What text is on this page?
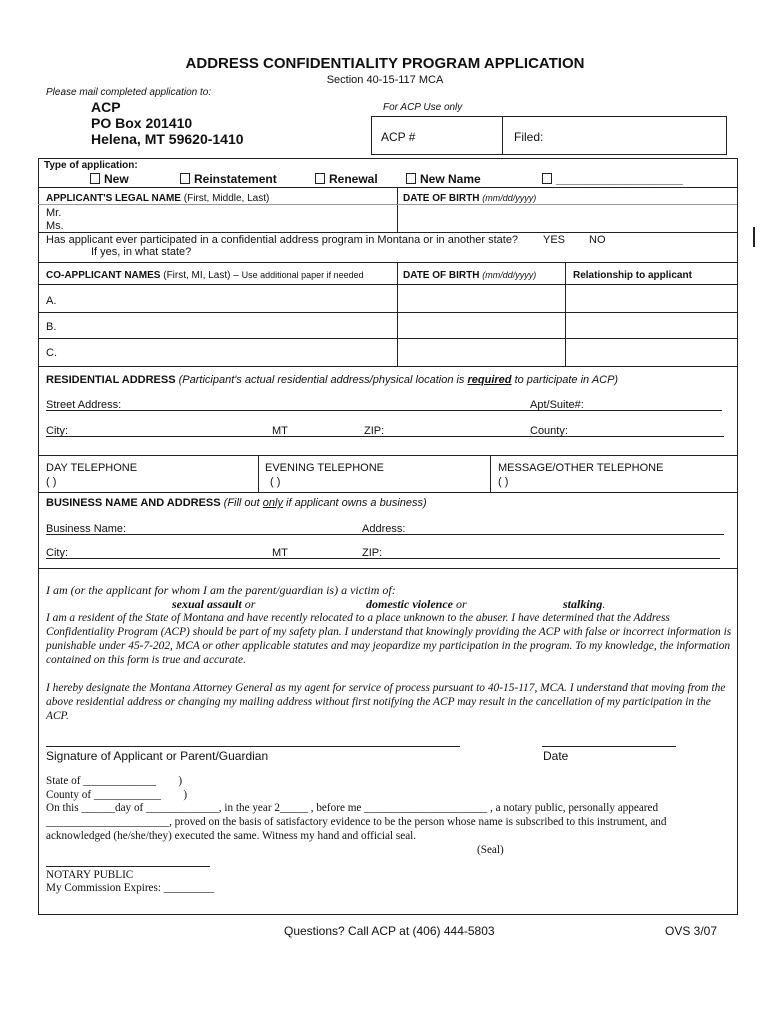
ADDRESS CONFIDENTIALITY PROGRAM APPLICATION
Section 40-15-117 MCA
Please mail completed application to:
ACP
PO Box 201410
Helena, MT 59620-1410
For ACP Use only
ACP #	Filed:
Type of application:
New	Reinstatement	Renewal	New Name	___________________
APPLICANT'S LEGAL NAME (First, Middle, Last)	DATE OF BIRTH (mm/dd/yyyy)
Mr.
Ms.
Has applicant ever participated in a confidential address program in Montana or in another state? YES NO
If yes, in what state?
CO-APPLICANT NAMES (First, MI, Last) – Use additional paper if needed	DATE OF BIRTH (mm/dd/yyyy)	Relationship to applicant
A.
B.
C.
RESIDENTIAL ADDRESS (Participant's actual residential address/physical location is required to participate in ACP)
Street Address:	Apt/Suite#:
City:	MT	ZIP:	County:
DAY TELEPHONE	EVENING TELEPHONE	MESSAGE/OTHER TELEPHONE
( )	( )	( )
BUSINESS NAME AND ADDRESS (Fill out only if applicant owns a business)
Business Name:	Address:
City:	MT	ZIP:
I am (or the applicant for whom I am the parent/guardian is) a victim of:
sexual assault or	domestic violence or	stalking.
I am a resident of the State of Montana and have recently relocated to a place unknown to the abuser. I have determined that the Address Confidentiality Program (ACP) should be part of my safety plan. I understand that knowingly providing the ACP with false or incorrect information is punishable under 45-7-202, MCA or other applicable statutes and may jeopardize my participation in the program. To my knowledge, the information contained on this form is true and accurate.
I hereby designate the Montana Attorney General as my agent for service of process pursuant to 40-15-117, MCA. I understand that moving from the above residential address or changing my mailing address without first notifying the ACP may result in the cancellation of my participation in the ACP.
Signature of Applicant or Parent/Guardian	Date
State of _____________        )
County of ____________        )
On this ______day of _____________, in the year 2_____ , before me ______________________ , a notary public, personally appeared
______________________, proved on the basis of satisfactory evidence to be the person whose name is subscribed to this instrument, and
acknowledged (he/she/they) executed the same. Witness my hand and official seal.
(Seal)
NOTARY PUBLIC
My Commission Expires: _________
Questions? Call ACP at (406) 444-5803	OVS 3/07
